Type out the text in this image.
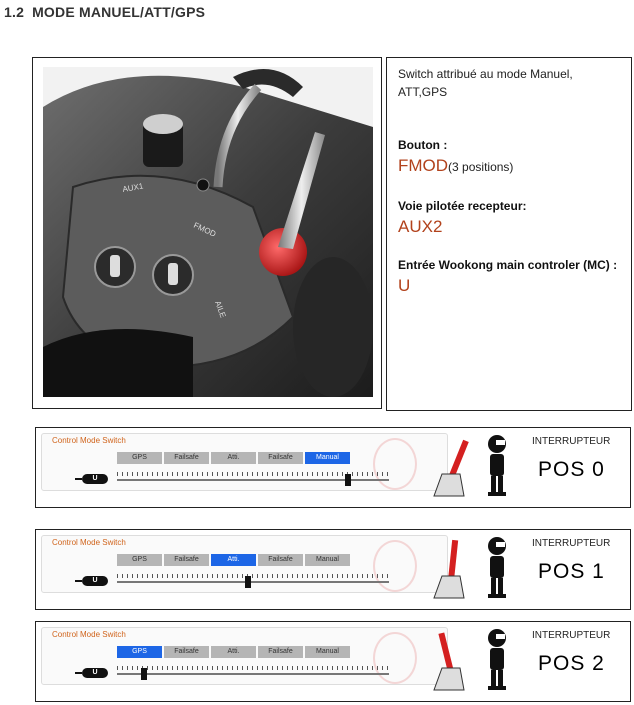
1.2 MODE MANUEL/ATT/GPS
AUX1
FMOD
AILE
Switch attribué au mode Manuel, ATT,GPS
Bouton :
FMOD(3 positions)
Voie pilotée recepteur:
AUX2
Entrée Wookong main controler (MC) :
U
Control Mode Switch
GPS	Failsafe	Atti.	Failsafe	Manual
U
INTERRUPTEUR
POS 0
Control Mode Switch
GPS	Failsafe	Atti.	Failsafe	Manual
U
INTERRUPTEUR
POS 1
Control Mode Switch
GPS	Failsafe	Atti.	Failsafe	Manual
U
INTERRUPTEUR
POS 2
